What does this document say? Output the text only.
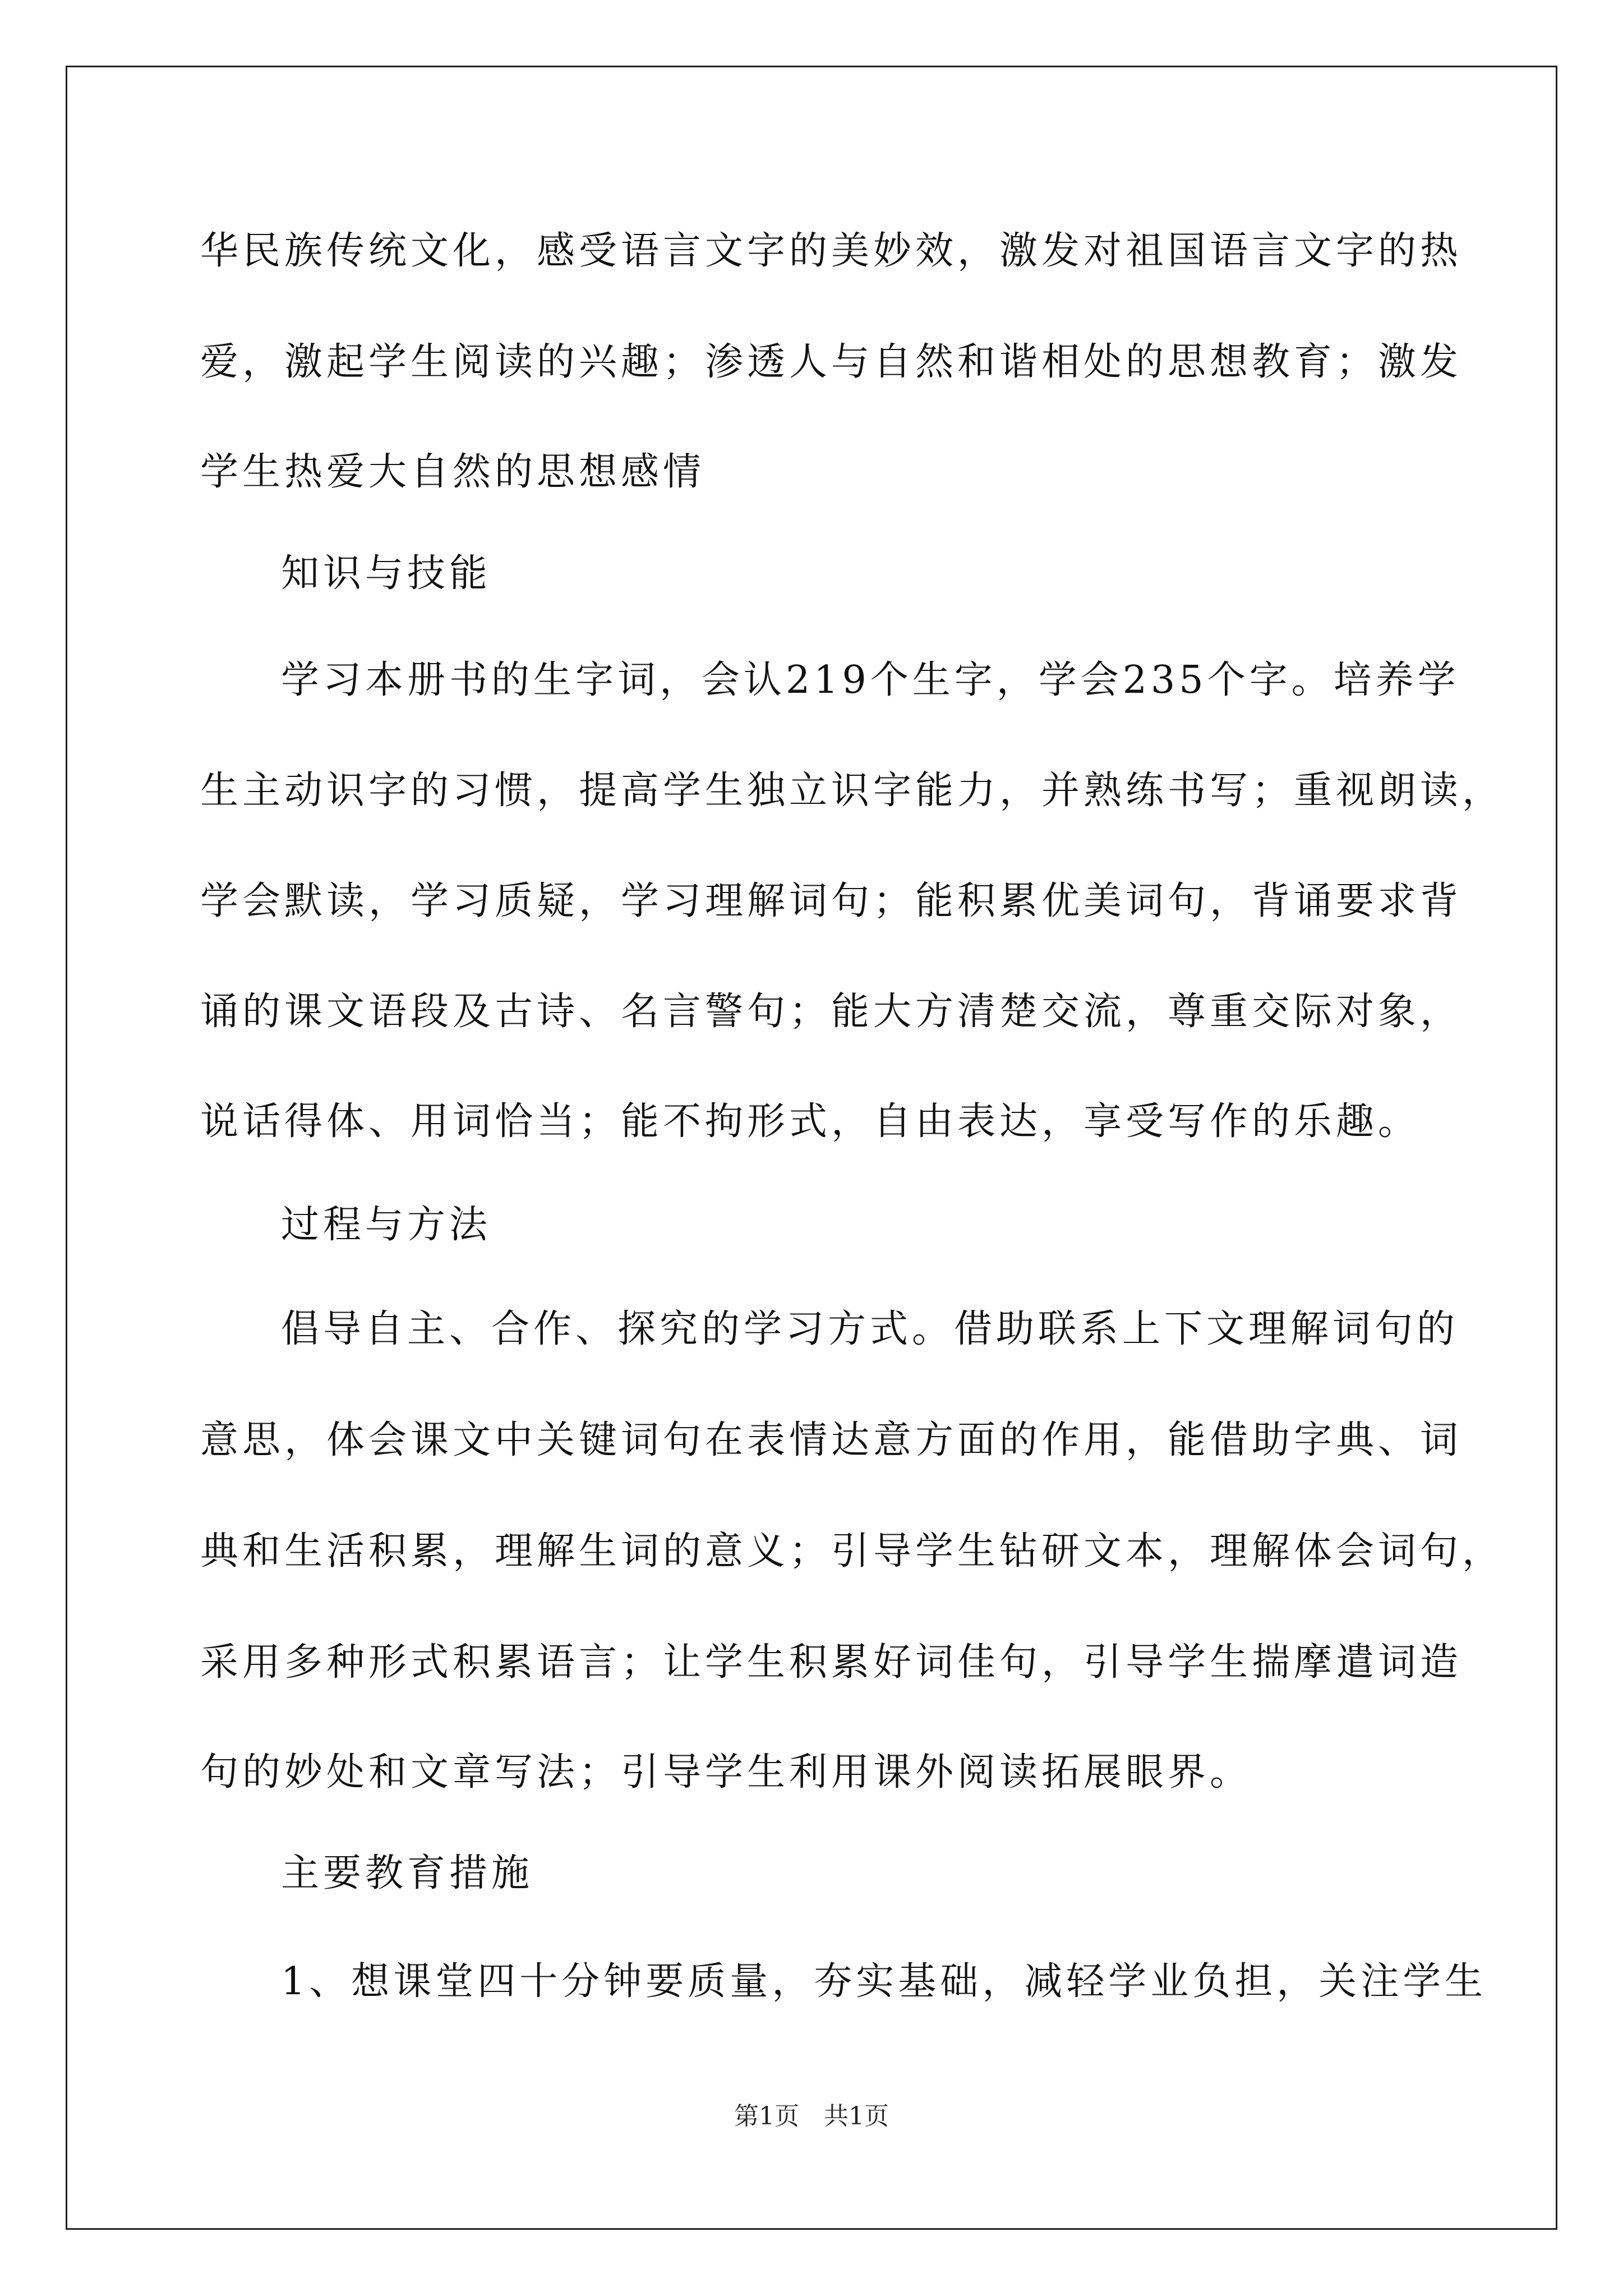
华民族传统文化，感受语言文字的美妙效，激发对祖国语言文字的热
爱，激起学生阅读的兴趣；渗透人与自然和谐相处的思想教育；激发
学生热爱大自然的思想感情
知识与技能
学习本册书的生字词，会认219个生字，学会235个字。培养学
生主动识字的习惯，提高学生独立识字能力，并熟练书写；重视朗读，
学会默读，学习质疑，学习理解词句；能积累优美词句，背诵要求背
诵的课文语段及古诗、名言警句；能大方清楚交流，尊重交际对象，
说话得体、用词恰当；能不拘形式，自由表达，享受写作的乐趣。
过程与方法
倡导自主、合作、探究的学习方式。借助联系上下文理解词句的
意思，体会课文中关键词句在表情达意方面的作用，能借助字典、词
典和生活积累，理解生词的意义；引导学生钻研文本，理解体会词句，
采用多种形式积累语言；让学生积累好词佳句，引导学生揣摩遣词造
句的妙处和文章写法；引导学生利用课外阅读拓展眼界。
主要教育措施
1、想课堂四十分钟要质量，夯实基础，减轻学业负担，关注学生
第1页　共1页
